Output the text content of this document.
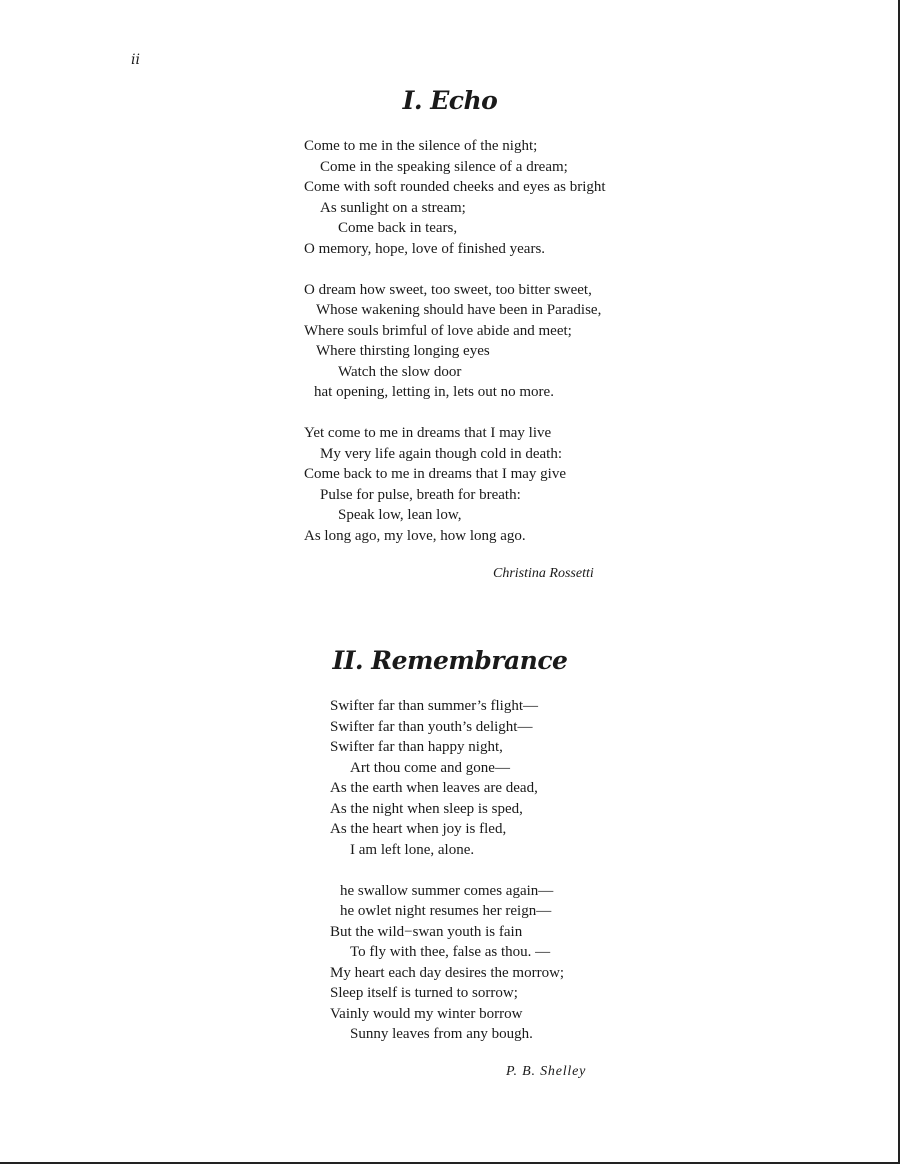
ii
I. Echo
Come to me in the silence of the night;
Come in the speaking silence of a dream;
Come with soft rounded cheeks and eyes as bright
As sunlight on a stream;
Come back in tears,
O memory, hope, love of finished years.
O dream how sweet, too sweet, too bitter sweet,
Whose wakening should have been in Paradise,
Where souls brimful of love abide and meet;
Where thirsting longing eyes
Watch the slow door
hat opening, letting in, lets out no more.
Yet come to me in dreams that I may live
My very life again though cold in death:
Come back to me in dreams that I may give
Pulse for pulse, breath for breath:
Speak low, lean low,
As long ago, my love, how long ago.
Christina Rossetti
II. Remembrance
Swifter far than summer’s flight—
Swifter far than youth’s delight—
Swifter far than happy night,
Art thou come and gone—
As the earth when leaves are dead,
As the night when sleep is sped,
As the heart when joy is fled,
I am left lone, alone.
he swallow summer comes again—
he owlet night resumes her reign—
But the wild−swan youth is fain
To fly with thee, false as thou. —
My heart each day desires the morrow;
Sleep itself is turned to sorrow;
Vainly would my winter borrow
Sunny leaves from any bough.
P. B. Shelley
